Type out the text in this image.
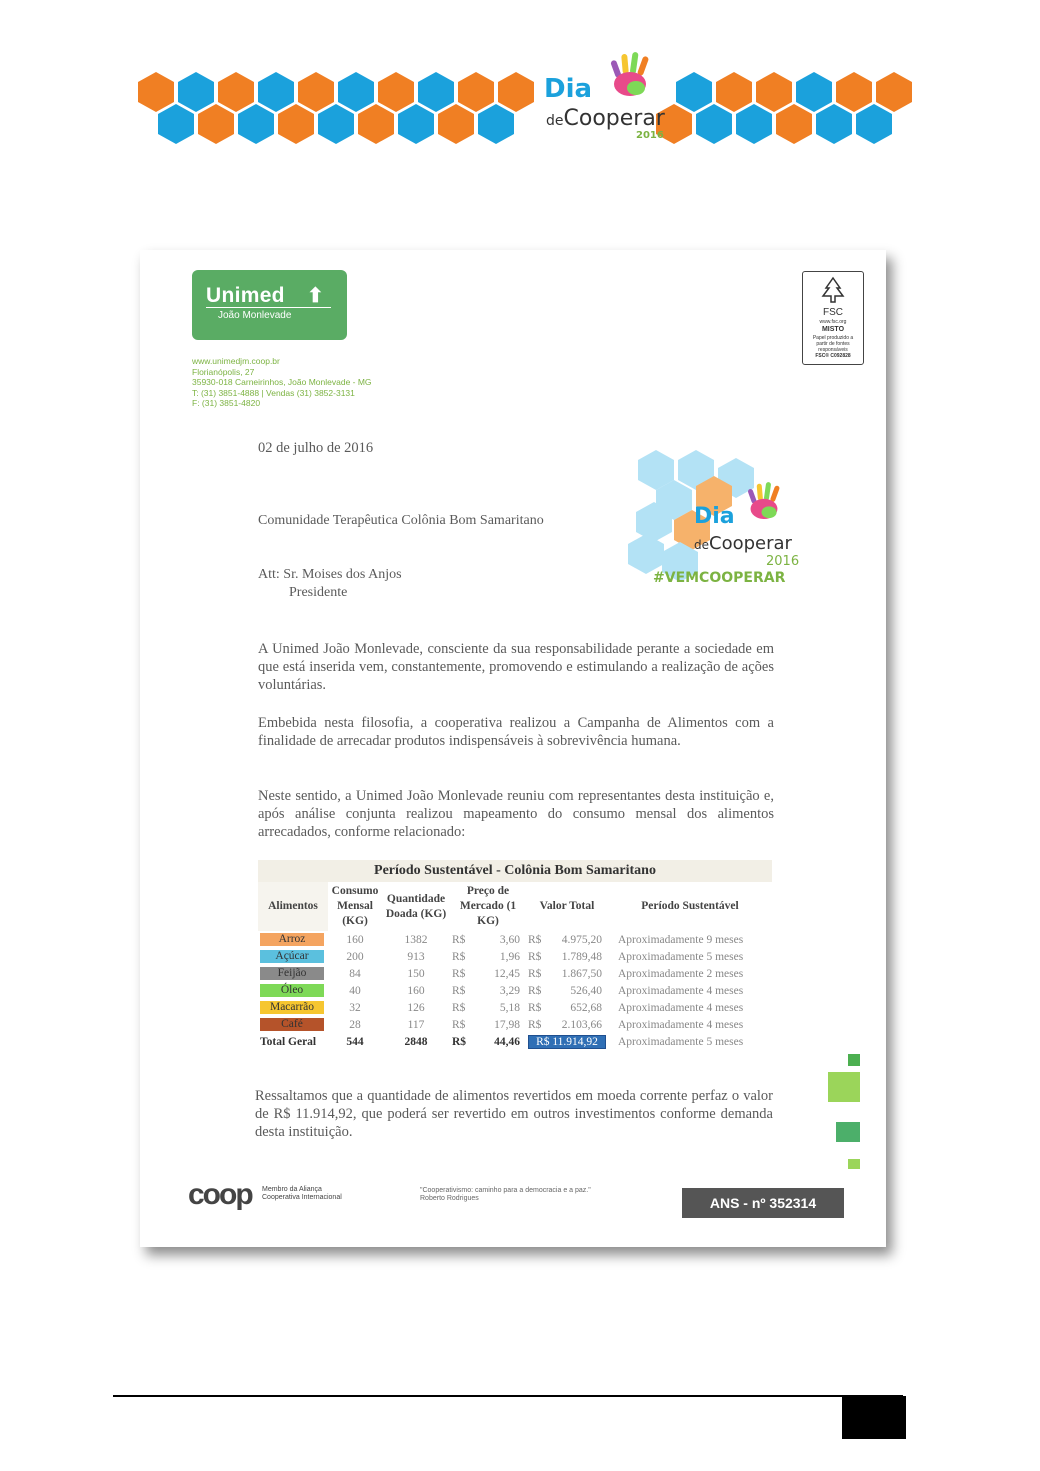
Dia
deCooperar
2016
Unimed ⬆
João Monlevade
www.unimedjm.coop.br
Florianópolis, 27
35930-018 Carneirinhos, João Monlevade - MG
T: (31) 3851-4888 | Vendas (31) 3852-3131
F: (31) 3851-4820
FSC
www.fsc.org
MISTO
Papel produzido a partir de fontes responsáveis
FSC® C092828
02 de julho de 2016
Comunidade Terapêutica Colônia Bom Samaritano
Att: Sr. Moises dos Anjos
Presidente
Dia
deCooperar
2016
#VEMCOOPERAR
A Unimed João Monlevade, consciente da sua responsabilidade perante a sociedade em que está inserida vem, constantemente, promovendo e estimulando a realização de ações voluntárias.
Embebida nesta filosofia, a cooperativa realizou a Campanha de Alimentos com a finalidade de arrecadar produtos indispensáveis à sobrevivência humana.
Neste sentido, a Unimed João Monlevade reuniu com representantes desta instituição e, após análise conjunta realizou mapeamento do consumo mensal dos alimentos arrecadados, conforme relacionado:
Período Sustentável - Colônia Bom Samaritano
Alimentos	Consumo Mensal (KG)	Quantidade Doada (KG)	Preço de Mercado (1 KG)	Valor Total	Período Sustentável

Arroz	160	1382	R$ 3,60	R$ 4.975,20	Aproximadamente 9 meses

Açúcar	200	913	R$ 1,96	R$ 1.789,48	Aproximadamente 5 meses

Feijão	84	150	R$ 12,45	R$ 1.867,50	Aproximadamente 2 meses

Óleo	40	160	R$ 3,29	R$ 526,40	Aproximadamente 4 meses

Macarrão	32	126	R$ 5,18	R$ 652,68	Aproximadamente 4 meses

Café	28	117	R$ 17,98	R$ 2.103,66	Aproximadamente 4 meses
Total Geral	544	2848	R$ 44,46	R$ 11.914,92	Aproximadamente 5 meses
Ressaltamos que a quantidade de alimentos revertidos em moeda corrente perfaz o valor de R$ 11.914,92, que poderá ser revertido em outros investimentos conforme demanda desta instituição.
coop Membro da Aliança
Cooperativa Internacional
"Cooperativismo: caminho para a democracia e a paz."
Roberto Rodrigues	ANS - nº 352314
